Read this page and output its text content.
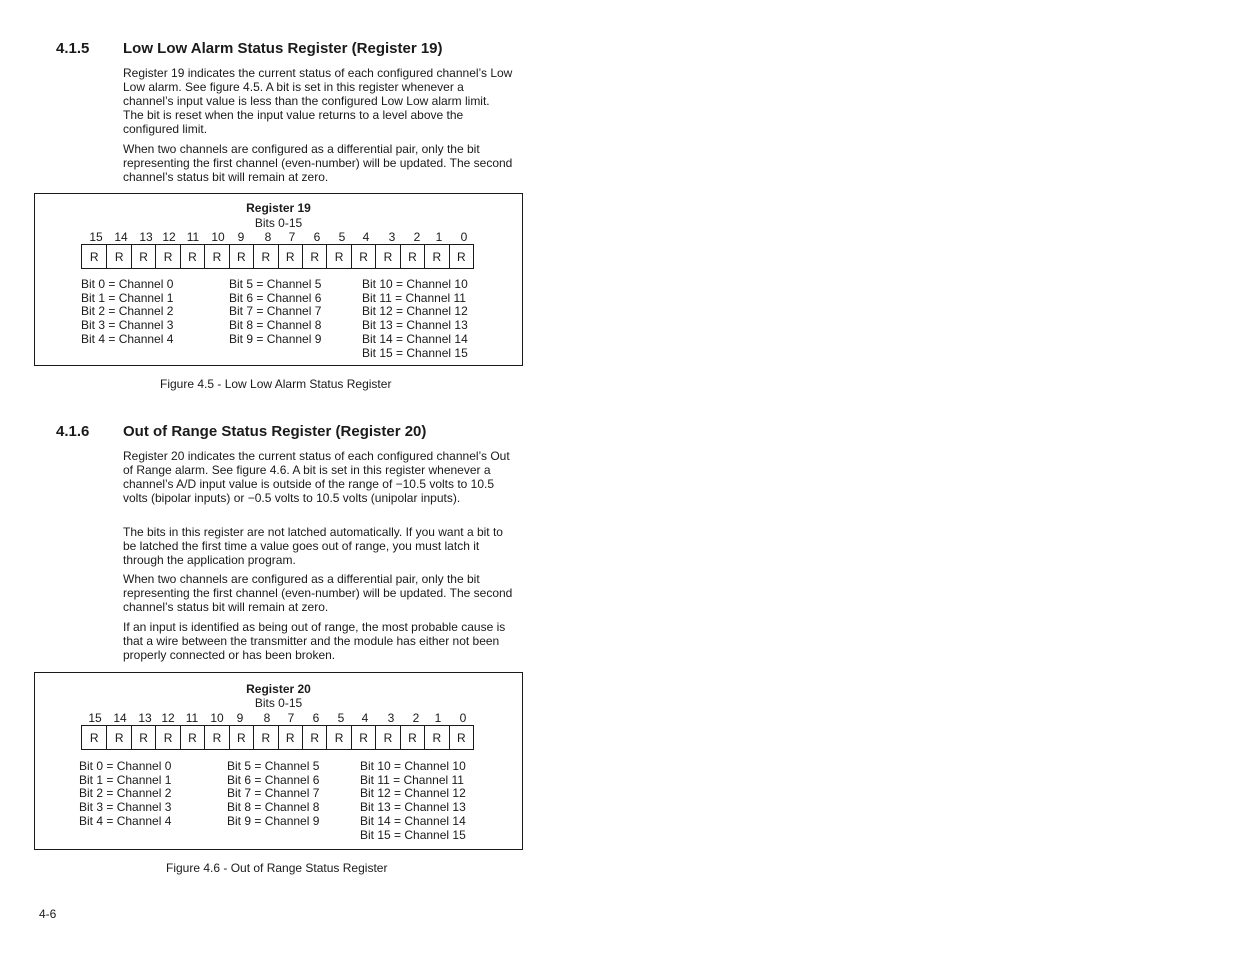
4.1.5 Low Low Alarm Status Register (Register 19)

Register 19 indicates the current status of each configured channel’s Low Low alarm. See figure 4.5. A bit is set in this register whenever a channel’s input value is less than the configured Low Low alarm limit. The bit is reset when the input value returns to a level above the configured limit.

When two channels are configured as a differential pair, only the bit representing the first channel (even-number) will be updated. The second channel’s status bit will remain at zero.

Register 19
Bits 0-15
15 14 13 12 11	10	9	8	7	6	5	4	3	2	1	0
R	R	R	R	R	R	R	R	R	R	R	R	R	R	R	R
Bit 0 = Channel 0
Bit 1 = Channel 1
Bit 2 = Channel 2
Bit 3 = Channel 3
Bit 4 = Channel 4
Bit 5 = Channel 5
Bit 6 = Channel 6
Bit 7 = Channel 7
Bit 8 = Channel 8
Bit 9 = Channel 9
Bit 10 = Channel 10
Bit 11 = Channel 11
Bit 12 = Channel 12
Bit 13 = Channel 13
Bit 14 = Channel 14
Bit 15 = Channel 15
Figure 4.5 - Low Low Alarm Status Register
4.1.6 Out of Range Status Register (Register 20)

Register 20 indicates the current status of each configured channel’s Out of Range alarm. See figure 4.6. A bit is set in this register whenever a channel’s A/D input value is outside of the range of −10.5 volts to 10.5 volts (bipolar inputs) or −0.5 volts to 10.5 volts (unipolar inputs).

The bits in this register are not latched automatically. If you want a bit to be latched the first time a value goes out of range, you must latch it through the application program.

When two channels are configured as a differential pair, only the bit representing the first channel (even-number) will be updated. The second channel’s status bit will remain at zero.

If an input is identified as being out of range, the most probable cause is that a wire between the transmitter and the module has either not been properly connected or has been broken.

Register 20
Bits 0-15
15 14 13 12 11	10	9	8	7	6	5	4	3	2	1	0
R	R	R	R	R	R	R	R	R	R	R	R	R	R	R	R
Bit 0 = Channel 0
Bit 1 = Channel 1
Bit 2 = Channel 2
Bit 3 = Channel 3
Bit 4 = Channel 4
Bit 5 = Channel 5
Bit 6 = Channel 6
Bit 7 = Channel 7
Bit 8 = Channel 8
Bit 9 = Channel 9
Bit 10 = Channel 10
Bit 11 = Channel 11
Bit 12 = Channel 12
Bit 13 = Channel 13
Bit 14 = Channel 14
Bit 15 = Channel 15
Figure 4.6 - Out of Range Status Register
4-6
